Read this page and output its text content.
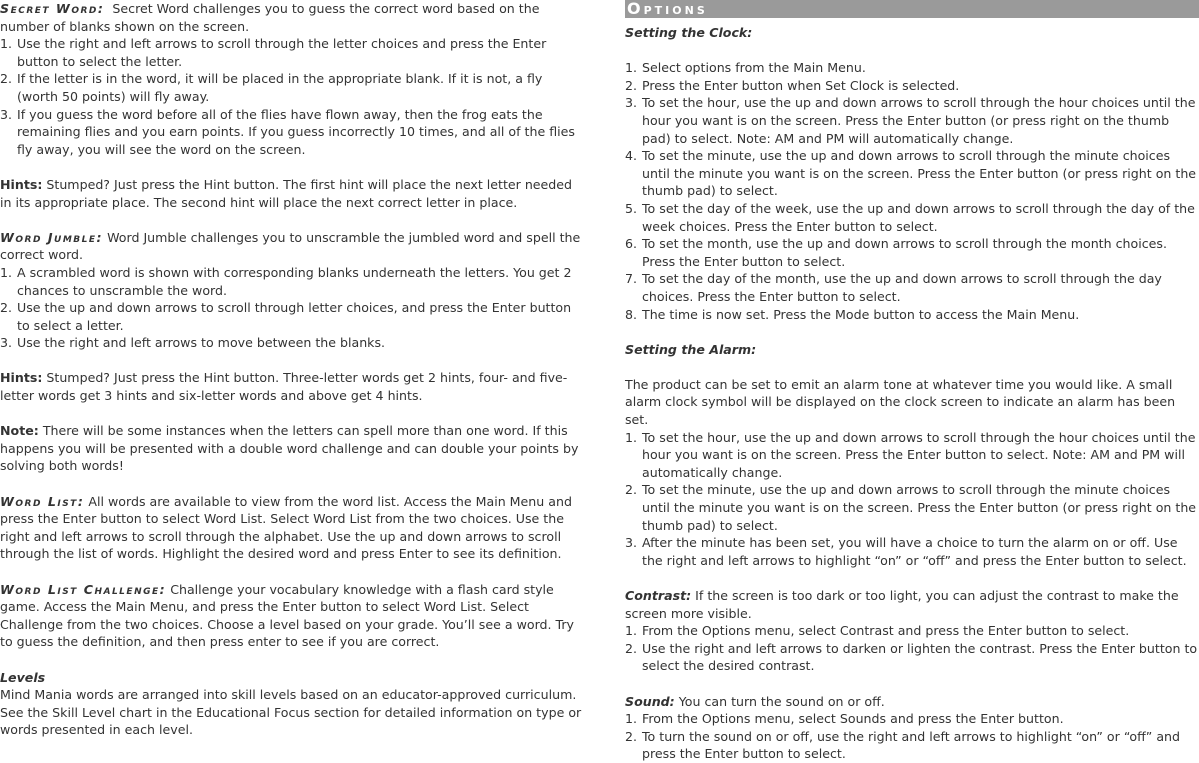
Secret Word: Secret Word challenges you to guess the correct word based on the number of blanks shown on the screen.

1. Use the right and left arrows to scroll through the letter choices and press the Enter button to select the letter.
2. If the letter is in the word, it will be placed in the appropriate blank. If it is not, a fly (worth 50 points) will fly away.
3. If you guess the word before all of the flies have flown away, then the frog eats the remaining flies and you earn points. If you guess incorrectly 10 times, and all of the flies fly away, you will see the word on the screen.

Hints: Stumped? Just press the Hint button. The first hint will place the next letter needed in its appropriate place. The second hint will place the next correct letter in place.

Word Jumble: Word Jumble challenges you to unscramble the jumbled word and spell the correct word.

1. A scrambled word is shown with corresponding blanks underneath the letters. You get 2 chances to unscramble the word.
2. Use the up and down arrows to scroll through letter choices, and press the Enter button to select a letter.
3. Use the right and left arrows to move between the blanks.

Hints: Stumped? Just press the Hint button. Three-letter words get 2 hints, four- and five-letter words get 3 hints and six-letter words and above get 4 hints.

Note: There will be some instances when the letters can spell more than one word. If this happens you will be presented with a double word challenge and can double your points by solving both words!

Word List: All words are available to view from the word list. Access the Main Menu and press the Enter button to select Word List. Select Word List from the two choices. Use the right and left arrows to scroll through the alphabet. Use the up and down arrows to scroll through the list of words. Highlight the desired word and press Enter to see its definition.

Word List Challenge: Challenge your vocabulary knowledge with a flash card style game. Access the Main Menu, and press the Enter button to select Word List. Select Challenge from the two choices. Choose a level based on your grade. You’ll see a word. Try to guess the definition, and then press enter to see if you are correct.

Levels

Mind Mania words are arranged into skill levels based on an educator-approved curriculum. See the Skill Level chart in the Educational Focus section for detailed information on type or words presented in each level.

Options

Setting the Clock:

1. Select options from the Main Menu.
2. Press the Enter button when Set Clock is selected.
3. To set the hour, use the up and down arrows to scroll through the hour choices until the hour you want is on the screen. Press the Enter button (or press right on the thumb pad) to select. Note: AM and PM will automatically change.
4. To set the minute, use the up and down arrows to scroll through the minute choices until the minute you want is on the screen. Press the Enter button (or press right on the thumb pad) to select.
5. To set the day of the week, use the up and down arrows to scroll through the day of the week choices. Press the Enter button to select.
6. To set the month, use the up and down arrows to scroll through the month choices. Press the Enter button to select.
7. To set the day of the month, use the up and down arrows to scroll through the day choices. Press the Enter button to select.
8. The time is now set. Press the Mode button to access the Main Menu.

Setting the Alarm:

The product can be set to emit an alarm tone at whatever time you would like. A small alarm clock symbol will be displayed on the clock screen to indicate an alarm has been set.

1. To set the hour, use the up and down arrows to scroll through the hour choices until the hour you want is on the screen. Press the Enter button to select. Note: AM and PM will automatically change.
2. To set the minute, use the up and down arrows to scroll through the minute choices until the minute you want is on the screen. Press the Enter button (or press right on the thumb pad) to select.
3. After the minute has been set, you will have a choice to turn the alarm on or off. Use the right and left arrows to highlight “on” or “off” and press the Enter button to select.

Contrast: If the screen is too dark or too light, you can adjust the contrast to make the screen more visible.

1. From the Options menu, select Contrast and press the Enter button to select.
2. Use the right and left arrows to darken or lighten the contrast. Press the Enter button to select the desired contrast.

Sound: You can turn the sound on or off.

1. From the Options menu, select Sounds and press the Enter button.
2. To turn the sound on or off, use the right and left arrows to highlight “on” or “off” and press the Enter button to select.
